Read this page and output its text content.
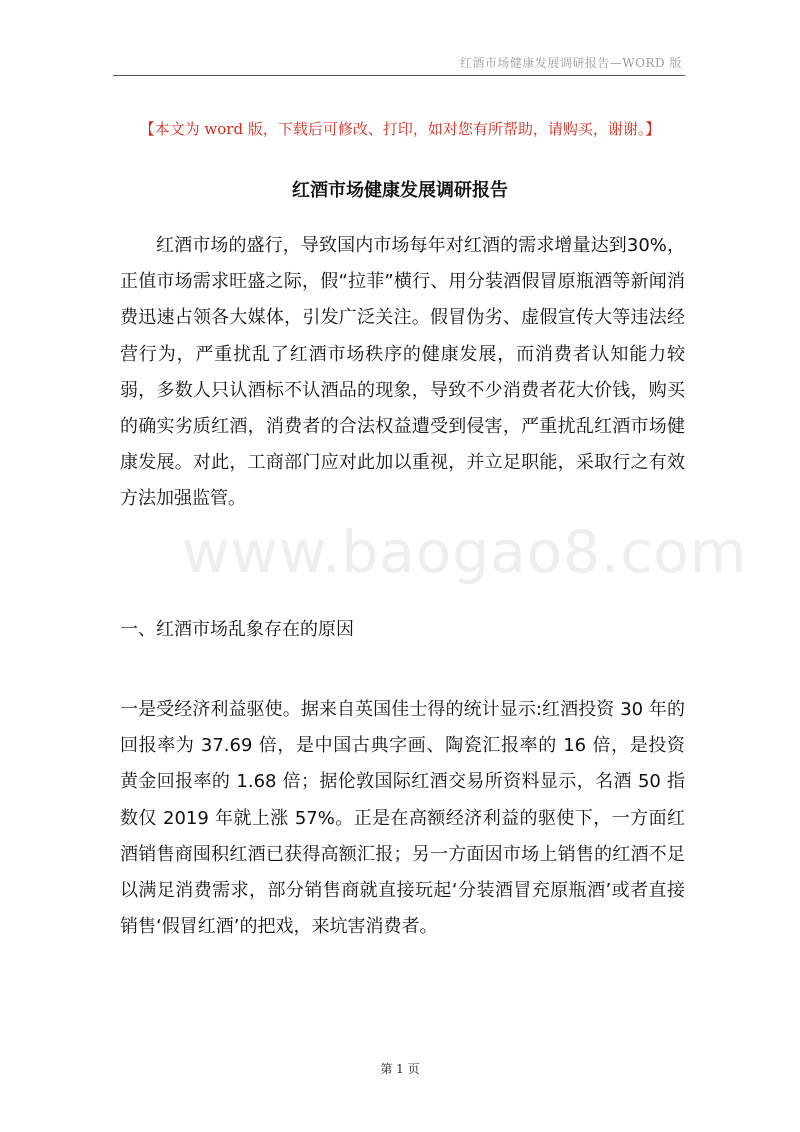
红酒市场健康发展调研报告—WORD 版
www.baogao8.com
【本文为 word 版，下载后可修改、打印，如对您有所帮助，请购买，谢谢。】
红酒市场健康发展调研报告

红酒市场的盛行，导致国内市场每年对红酒的需求增量达到30%，正值市场需求旺盛之际，假“拉菲”横行、用分装酒假冒原瓶酒等新闻消费迅速占领各大媒体，引发广泛关注。假冒伪劣、虚假宣传大等违法经营行为，严重扰乱了红酒市场秩序的健康发展，而消费者认知能力较弱，多数人只认酒标不认酒品的现象，导致不少消费者花大价钱，购买的确实劣质红酒，消费者的合法权益遭受到侵害，严重扰乱红酒市场健康发展。对此，工商部门应对此加以重视，并立足职能，采取行之有效方法加强监管。

一、红酒市场乱象存在的原因

一是受经济利益驱使。据来自英国佳士得的统计显示:红酒投资 30 年的回报率为 37.69 倍，是中国古典字画、陶瓷汇报率的 16 倍，是投资黄金回报率的 1.68 倍；据伦敦国际红酒交易所资料显示，名酒 50 指数仅 2019 年就上涨 57%。正是在高额经济利益的驱使下，一方面红酒销售商囤积红酒已获得高额汇报；另一方面因市场上销售的红酒不足以满足消费需求，部分销售商就直接玩起‘分装酒冒充原瓶酒’或者直接销售‘假冒红酒’的把戏，来坑害消费者。

第 1 页
